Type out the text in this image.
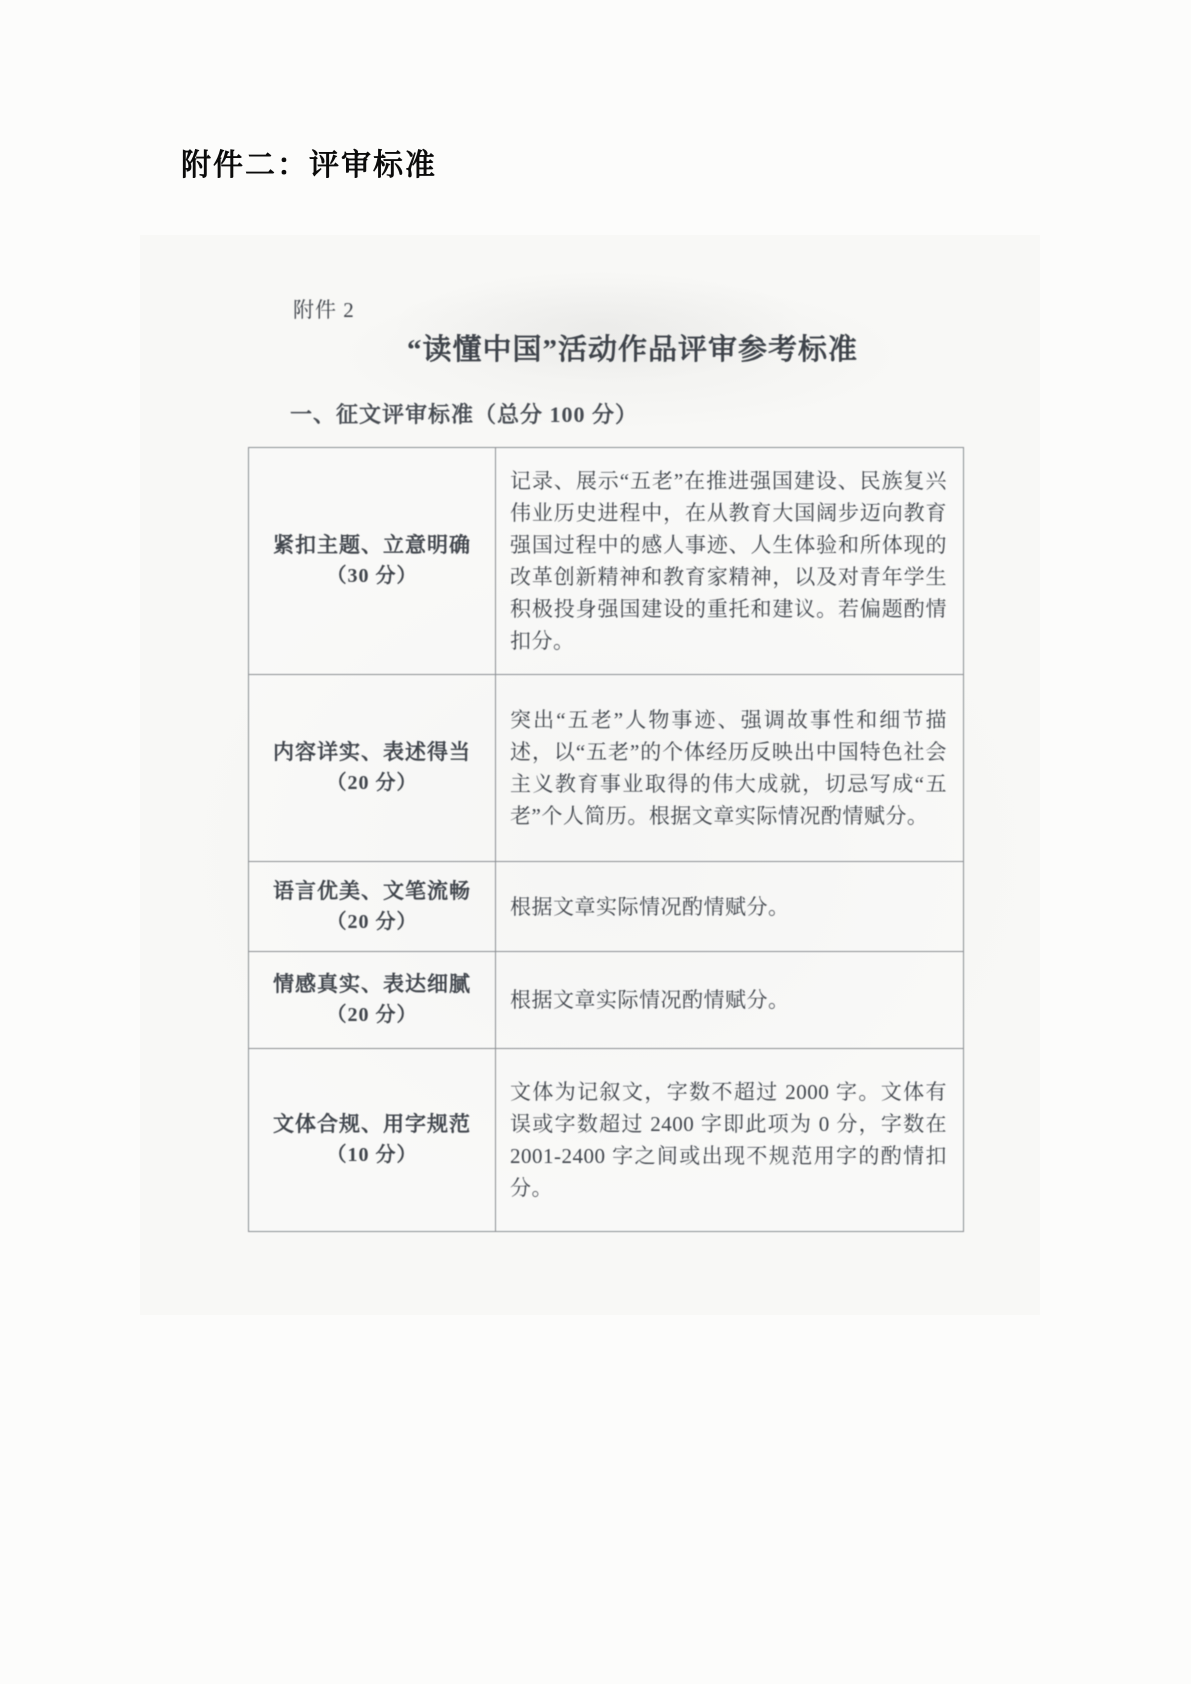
附件二：评审标准
附件 2
“读懂中国”活动作品评审参考标准
一、征文评审标准（总分 100 分）
紧扣主题、立意明确
（30 分）

记录、展示“五老”在推进强国建设、民族复兴伟业历史进程中，在从教育大国阔步迈向教育强国过程中的感人事迹、人生体验和所体现的改革创新精神和教育家精神，以及对青年学生积极投身强国建设的重托和建议。若偏题酌情扣分。

内容详实、表述得当
（20 分）

突出“五老”人物事迹、强调故事性和细节描述，以“五老”的个体经历反映出中国特色社会主义教育事业取得的伟大成就，切忌写成“五老”个人简历。根据文章实际情况酌情赋分。

语言优美、文笔流畅
（20 分）

根据文章实际情况酌情赋分。

情感真实、表达细腻
（20 分）

根据文章实际情况酌情赋分。

文体合规、用字规范
（10 分）

文体为记叙文，字数不超过 2000 字。文体有误或字数超过 2400 字即此项为 0 分，字数在 2001-2400 字之间或出现不规范用字的酌情扣分。
